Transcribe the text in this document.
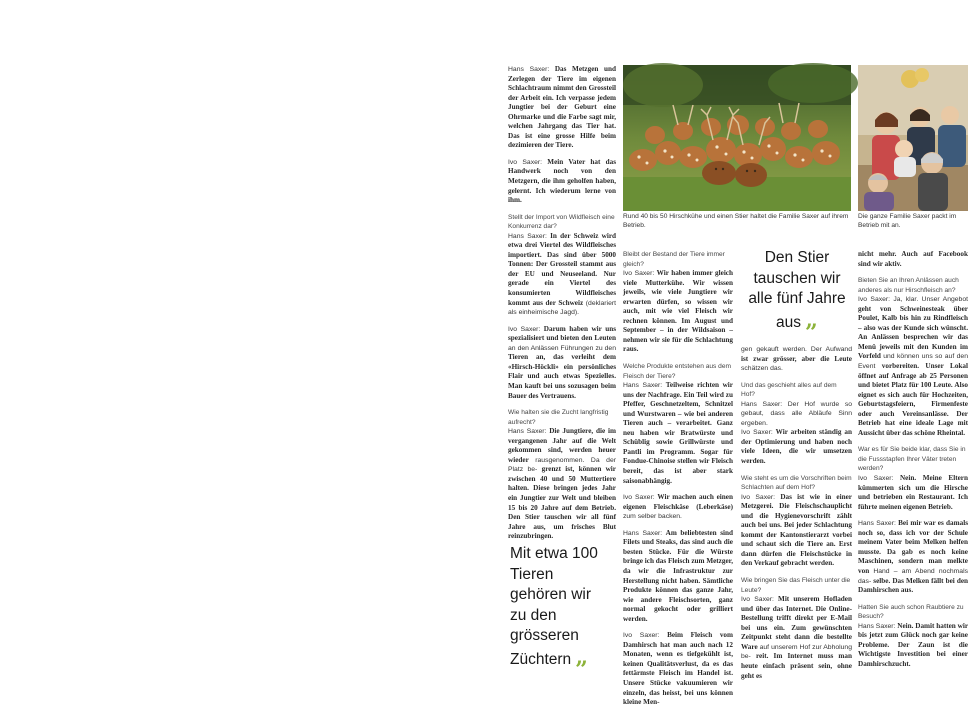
Hans Saxer: Das Metzgen und Zerlegen der Tiere im eigenen Schlachtraum nimmt den Grossteil der Arbeit ein. Ich verpasse jedem Jungtier bei der Geburt eine Ohrmarke und die Farbe sagt mir, welchen Jahrgang das Tier hat. Das ist eine grosse Hilfe beim dezimieren der Tiere.

Ivo Saxer: Mein Vater hat das Handwerk noch von den Metzgern, die ihm geholfen haben, gelernt. Ich wiederum lerne von ihm.

Stellt der Import von Wildfleisch eine Konkurrenz dar?
Hans Saxer: In der Schweiz wird etwa drei Viertel des Wildfleisches importiert. Das sind über 5000 Tonnen: Der Grossteil stammt aus der EU und Neuseeland. Nur gerade ein Viertel des konsumierten Wildfleisches kommt aus der Schweiz (deklariert als einheimische Jagd).

Ivo Saxer: Darum haben wir uns spezialisiert und bieten den Leuten an den Anlässen Führungen zu den Tieren an, das verleiht dem «Hirsch-Höckli» ein persönliches Flair und auch etwas Spezielles. Man kauft bei uns sozusagen beim Bauer des Vertrauens.

Wie halten sie die Zucht langfristig aufrecht?
Hans Saxer: Die Jungtiere, die im vergangenen Jahr auf die Welt gekommen sind, werden heuer wieder rausgenommen. Da der Platz be- grenzt ist, können wir zwischen 40 und 50 Muttertiere halten. Diese bringen jedes Jahr ein Jungtier zur Welt und bleiben 15 bis 20 Jahre auf dem Betrieb. Den Stier tauschen wir all fünf Jahre aus, um frisches Blut reinzubringen.

Mit etwa 100 Tieren gehören wir zu den grösseren Züchtern „
Rund 40 bis 50 Hirschkühe und einen Stier haltet die Familie Saxer auf ihrem Betrieb.
Foto: zVg
Die ganze Familie Saxer packt im Betrieb mit an.

Bleibt der Bestand der Tiere immer gleich?
Ivo Saxer: Wir haben immer gleich viele Mutterkühe. Wir wissen jeweils, wie viele Jungtiere wir erwarten dürfen, so wissen wir auch, mit wie viel Fleisch wir rechnen können. Im August und September – in der Wildsaison – nehmen wir sie für die Schlachtung raus.

Welche Produkte entstehen aus dem Fleisch der Tiere?
Hans Saxer: Teilweise richten wir uns der Nachfrage. Ein Teil wird zu Pfeffer, Geschnetzeltem, Schnitzel und Wurstwaren – wie bei anderen Tieren auch – verarbeitet. Ganz neu haben wir Bratwürste und Schüblig sowie Grillwürste und Pantli im Programm. Sogar für Fondue-Chinoise stellen wir Fleisch bereit, das ist aber stark saisonabhängig.

Ivo Saxer: Wir machen auch einen eigenen Fleischkäse (Leberkäse) zum selber backen.

Hans Saxer: Am beliebtesten sind Filets und Steaks, das sind auch die besten Stücke. Für die Würste bringe ich das Fleisch zum Metzger, da wir die Infrastruktur zur Herstellung nicht haben. Sämtliche Produkte können das ganze Jahr, wie andere Fleischsorten, ganz normal gekocht oder grilliert werden.

Ivo Saxer: Beim Fleisch vom Damhirsch hat man auch nach 12 Monaten, wenn es tiefgekühlt ist, keinen Qualitätsverlust, da es das fettärmste Fleisch im Handel ist. Unsere Stücke vakuumieren wir einzeln, das heisst, bei uns können kleine Men-

Den Stier tauschen wir alle fünf Jahre aus „

gen gekauft werden. Der Aufwand ist zwar grösser, aber die Leute schätzen das.

Und das geschieht alles auf dem Hof?
Hans Saxer: Der Hof wurde so gebaut, dass alle Abläufe Sinn ergeben.
Ivo Saxer: Wir arbeiten ständig an der Optimierung und haben noch viele Ideen, die wir umsetzen werden.

Wie steht es um die Vorschriften beim Schlachten auf dem Hof?
Ivo Saxer: Das ist wie in einer Metzgerei. Die Fleischschauplicht und die Hygienevorschrift zählt auch bei uns. Bei jeder Schlachtung kommt der Kantonstierarzt vorbei und schaut sich die Tiere an. Erst dann dürfen die Fleischstücke in den Verkauf gebracht werden.

Wie bringen Sie das Fleisch unter die Leute?
Ivo Saxer: Mit unserem Hofladen und über das Internet. Die Online-Bestellung trifft direkt per E-Mail bei uns ein. Zum gewünschten Zeitpunkt steht dann die bestellte Ware auf unserem Hof zur Abholung be- reit. Im Internet muss man heute einfach präsent sein, ohne geht es

nicht mehr. Auch auf Facebook sind wir aktiv.

Bieten Sie an Ihren Anlässen auch anderes als nur Hirschfleisch an?
Ivo Saxer: Ja, klar. Unser Angebot geht von Schweinesteak über Poulet, Kalb bis hin zu Rindfleisch – also was der Kunde sich wünscht. An Anlässen besprechen wir das Menü jeweils mit den Kunden im Vorfeld und können uns so auf den Event vorbereiten. Unser Lokal öffnet auf Anfrage ab 25 Personen und bietet Platz für 100 Leute. Also eignet es sich auch für Hochzeiten, Geburtstagsfeiern, Firmenfeste oder auch Vereinsanlässe. Der Betrieb hat eine ideale Lage mit Aussicht über das schöne Rheintal.

War es für Sie beide klar, dass Sie in die Fussstapfen Ihrer Väter treten werden?
Ivo Saxer: Nein. Meine Eltern kümmerten sich um die Hirsche und betrieben ein Restaurant. Ich führte meinen eigenen Betrieb.

Hans Saxer: Bei mir war es damals noch so, dass ich vor der Schule meinem Vater beim Melken helfen musste. Da gab es noch keine Maschinen, sondern man melkte von Hand – am Abend nochmals das- selbe. Das Melken fällt bei den Damhirschen aus.

Hatten Sie auch schon Raubtiere zu Besuch?
Hans Saxer: Nein. Damit hatten wir bis jetzt zum Glück noch gar keine Probleme. Der Zaun ist die Wichtigste Investition bei einer Damhirschzucht.
